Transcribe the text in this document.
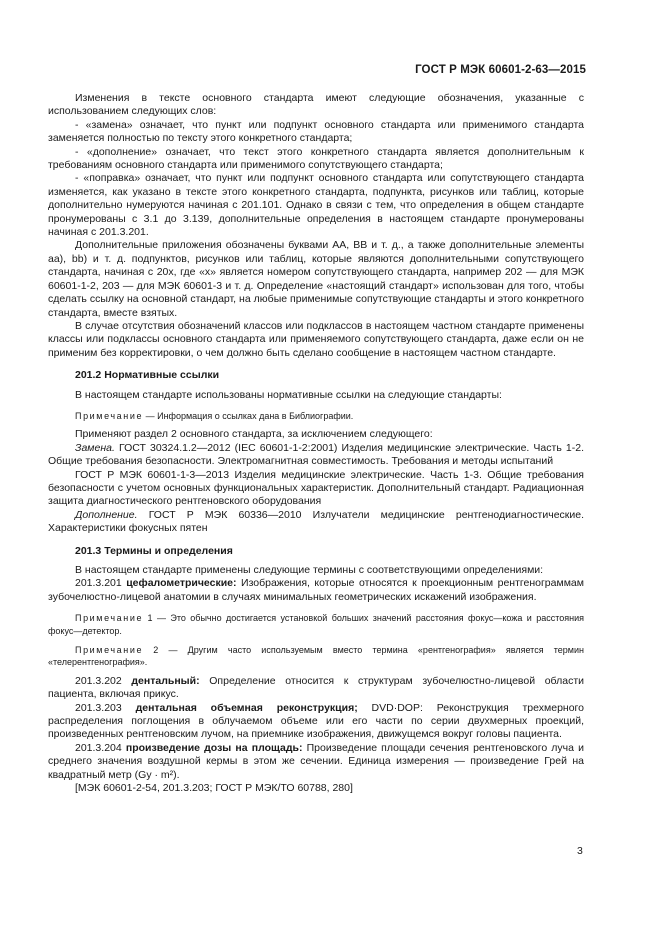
ГОСТ Р МЭК 60601-2-63—2015

Изменения в тексте основного стандарта имеют следующие обозначения, указанные с использованием следующих слов:

- «замена» означает, что пункт или подпункт основного стандарта или применимого стандарта заменяется полностью по тексту этого конкретного стандарта;

- «дополнение» означает, что текст этого конкретного стандарта является дополнительным к требованиям основного стандарта или применимого сопутствующего стандарта;

- «поправка» означает, что пункт или подпункт основного стандарта или сопутствующего стандарта изменяется, как указано в тексте этого конкретного стандарта, подпункта, рисунков или таблиц, которые дополнительно нумеруются начиная с 201.101. Однако в связи с тем, что определения в общем стандарте пронумерованы с 3.1 до 3.139, дополнительные определения в настоящем стандарте пронумерованы начиная с 201.3.201.

Дополнительные приложения обозначены буквами АА, ВВ и т. д., а также дополнительные элементы aa), bb) и т. д. подпунктов, рисунков или таблиц, которые являются дополнительными сопутствующего стандарта, начиная с 20x, где «x» является номером сопутствующего стандарта, например 202 — для МЭК 60601-1-2, 203 — для МЭК 60601-3 и т. д. Определение «настоящий стандарт» использован для того, чтобы сделать ссылку на основной стандарт, на любые применимые сопутствующие стандарты и этого конкретного стандарта, вместе взятых.

В случае отсутствия обозначений классов или подклассов в настоящем частном стандарте применены классы или подклассы основного стандарта или применяемого сопутствующего стандарта, даже если он не применим без корректировки, о чем должно быть сделано сообщение в настоящем частном стандарте.

201.2 Нормативные ссылки

В настоящем стандарте использованы нормативные ссылки на следующие стандарты:

Примечание — Информация о ссылках дана в Библиографии.

Применяют раздел 2 основного стандарта, за исключением следующего:

Замена. ГОСТ 30324.1.2—2012 (IEC 60601-1-2:2001) Изделия медицинские электрические. Часть 1-2. Общие требования безопасности. Электромагнитная совместимость. Требования и методы испытаний

ГОСТ Р МЭК 60601-1-3—2013 Изделия медицинские электрические. Часть 1-3. Общие требования безопасности с учетом основных функциональных характеристик. Дополнительный стандарт. Радиационная защита диагностического рентгеновского оборудования

Дополнение. ГОСТ Р МЭК 60336—2010 Излучатели медицинские рентгенодиагностические. Характеристики фокусных пятен

201.3 Термины и определения

В настоящем стандарте применены следующие термины с соответствующими определениями:

201.3.201 цефалометрические: Изображения, которые относятся к проекционным рентгенограммам зубочелюстно-лицевой анатомии в случаях минимальных геометрических искажений изображения.

Примечание 1 — Это обычно достигается установкой больших значений расстояния фокус—кожа и расстояния фокус—детектор.

Примечание 2 — Другим часто используемым вместо термина «рентгенография» является термин «телерентгенография».

201.3.202 дентальный: Определение относится к структурам зубочелюстно-лицевой области пациента, включая прикус.

201.3.203 дентальная объемная реконструкция; DVD·DOP: Реконструкция трехмерного распределения поглощения в облучаемом объеме или его части по серии двухмерных проекций, произведенных рентгеновским лучом, на приемнике изображения, движущемся вокруг головы пациента.

201.3.204 произведение дозы на площадь: Произведение площади сечения рентгеновского луча и среднего значения воздушной кермы в этом же сечении. Единица измерения — произведение Грей на квадратный метр (Gy · m²).

[МЭК 60601-2-54, 201.3.203; ГОСТ Р МЭК/ТО 60788, 280]

3
